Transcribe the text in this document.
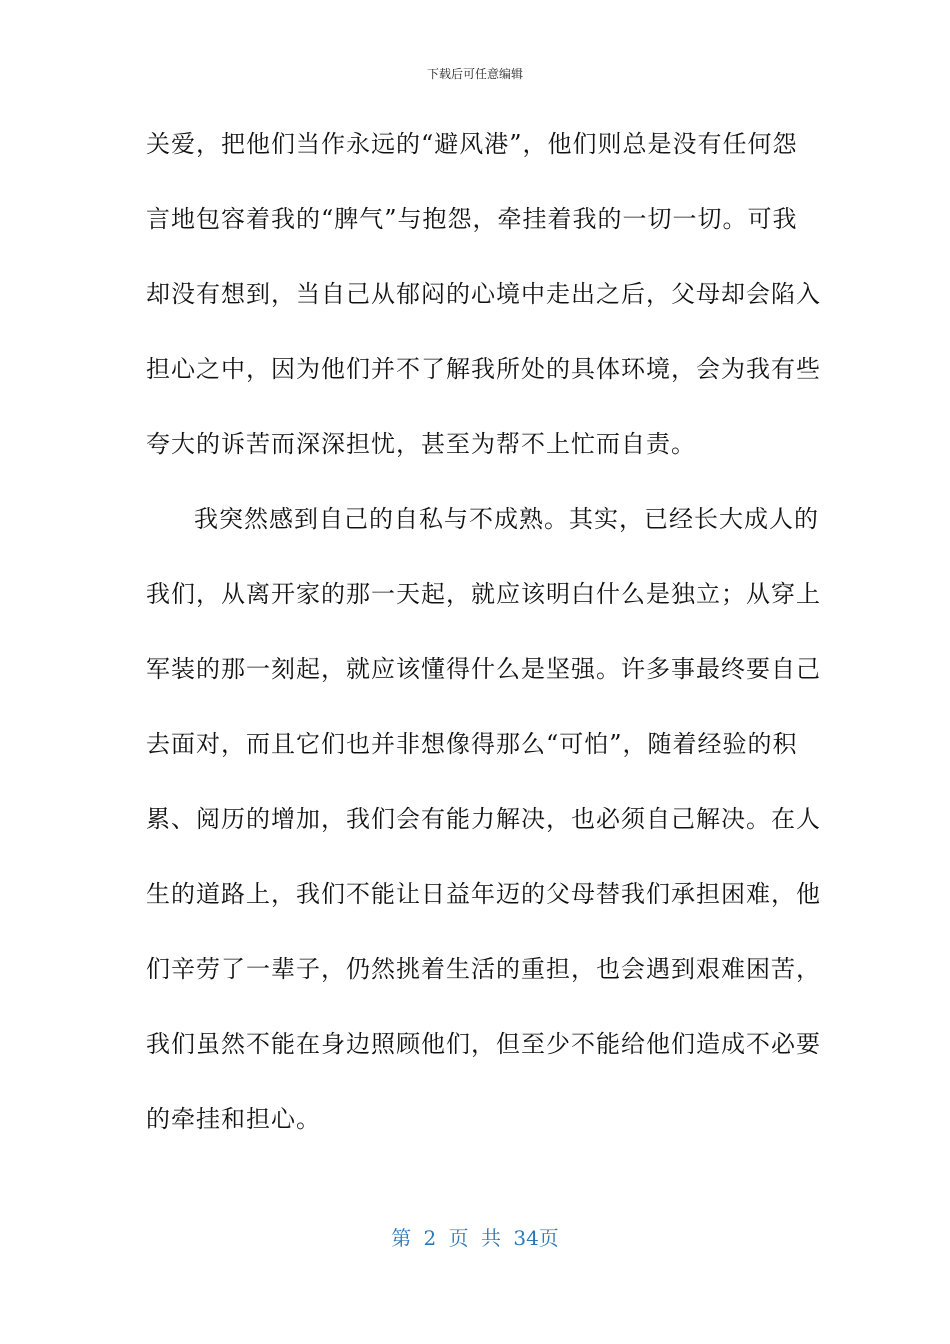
下载后可任意编辑
关爱，把他们当作永远的“避风港”，他们则总是没有任何怨
言地包容着我的“脾气”与抱怨，牵挂着我的一切一切。可我
却没有想到，当自己从郁闷的心境中走出之后，父母却会陷入
担心之中，因为他们并不了解我所处的具体环境，会为我有些
夸大的诉苦而深深担忧，甚至为帮不上忙而自责。
我突然感到自己的自私与不成熟。其实，已经长大成人的
我们，从离开家的那一天起，就应该明白什么是独立；从穿上
军装的那一刻起，就应该懂得什么是坚强。许多事最终要自己
去面对，而且它们也并非想像得那么“可怕”，随着经验的积
累、阅历的增加，我们会有能力解决，也必须自己解决。在人
生的道路上，我们不能让日益年迈的父母替我们承担困难，他
们辛劳了一辈子，仍然挑着生活的重担，也会遇到艰难困苦，
我们虽然不能在身边照顾他们，但至少不能给他们造成不必要
的牵挂和担心。
第 2 页 共 34页
